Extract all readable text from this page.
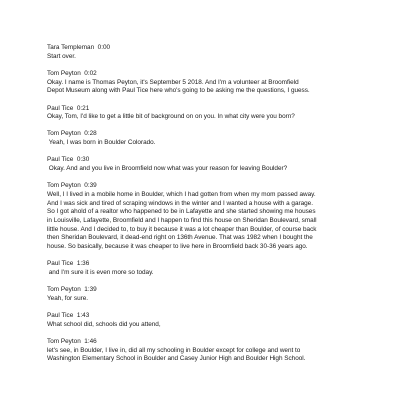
Tara Templeman  0:00

Start over.

Tom Peyton  0:02

Okay. I name is Thomas Peyton, it's September 5 2018. And I'm a volunteer at Broomfield
Depot Museum along with Paul Tice here who's going to be asking me the questions, I guess.

Paul Tice  0:21

Okay, Tom, I'd like to get a little bit of background on on you. In what city were you born?

Tom Peyton  0:28

Yeah, I was born in Boulder Colorado.

Paul Tice  0:30

Okay. And and you live in Broomfield now what was your reason for leaving Boulder?

Tom Peyton  0:39

Well, I I lived in a mobile home in Boulder, which I had gotten from when my mom passed away.
And I was sick and tired of scraping windows in the winter and I wanted a house with a garage.
So I got ahold of a realtor who happened to be in Lafayette and she started showing me houses
in Louisville, Lafayette, Broomfield and I happen to find this house on Sheridan Boulevard, small
little house. And I decided to, to buy it because it was a lot cheaper than Boulder, of course back
then Sheridan Boulevard, it dead-end right on 136th Avenue. That was 1982 when I bought the
house. So basically, because it was cheaper to live here in Broomfield back 30-36 years ago.

Paul Tice  1:36

and I'm sure it is even more so today.

Tom Peyton  1:39

Yeah, for sure.

Paul Tice  1:43

What school did, schools did you attend,

Tom Peyton  1:46

let's see, in Boulder, I live in, did all my schooling in Boulder except for college and went to
Washington Elementary School in Boulder and Casey Junior High and Boulder High School.
